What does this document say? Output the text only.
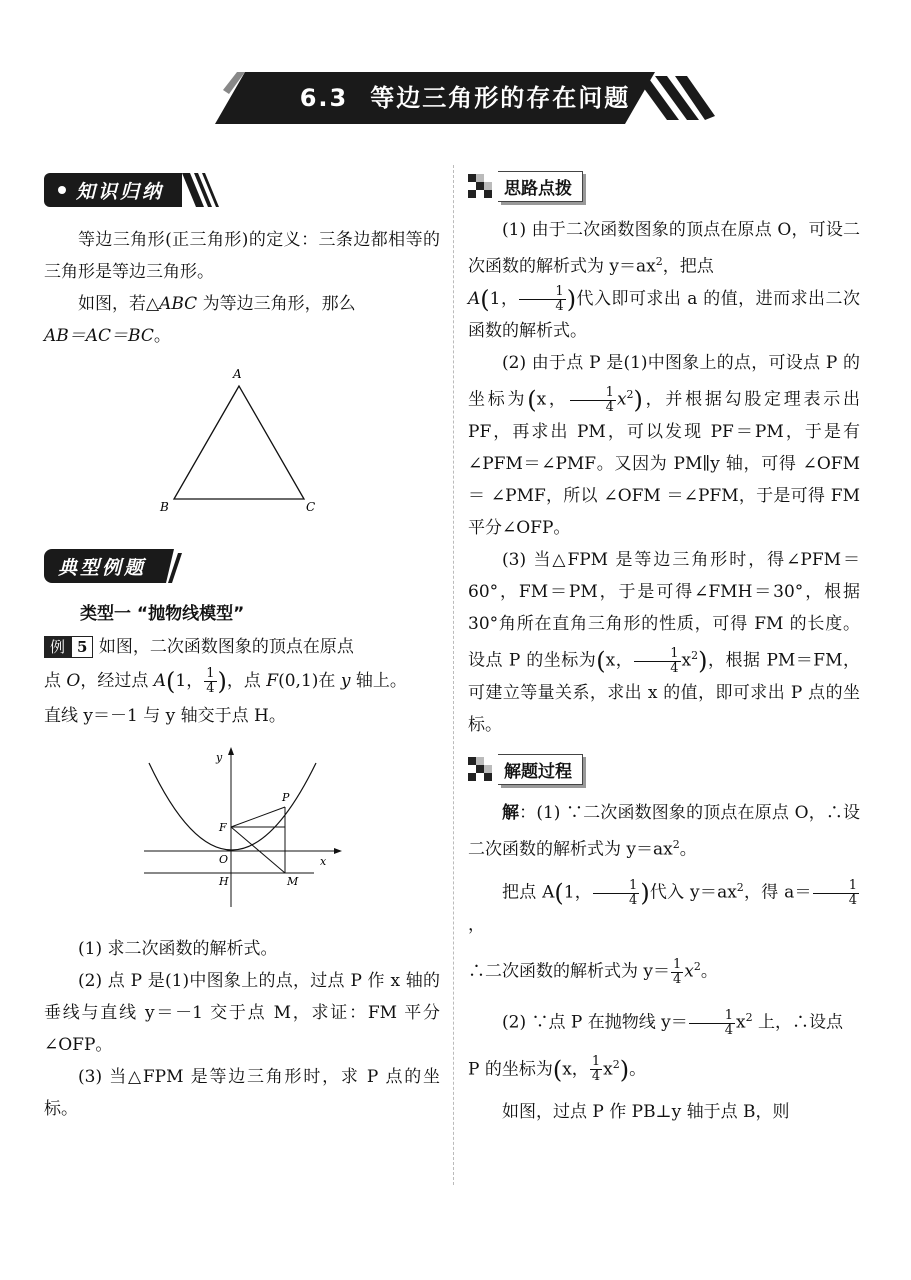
6.3 等边三角形的存在问题
知识归纳

等边三角形(正三角形)的定义：三条边都相等的三角形是等边三角形。

如图，若△ABC 为等边三角形，那么
AB＝AC＝BC。

A
B	C
典型例题

类型一 “抛物线模型”

例 5 如图，二次函数图象的顶点在原点
点 O，经过点 A(1， $\frac{1}{4}$ )，点 F(0,1)在 y 轴上。
直线 y＝－1 与 y 轴交于点 H。

y
x
P
F
O
H	M

(1) 求二次函数的解析式。

(2) 点 P 是(1)中图象上的点，过点 P 作 x 轴的垂线与直线 y＝－1 交于点 M，求证：FM 平分∠OFP。

(3) 当△FPM 是等边三角形时，求 P 点的坐标。

思路点拨

(1) 由于二次函数图象的顶点在原点 O，可设二次函数的解析式为 $y=ax^2$，把点
A(1， $\frac{1}{4}$ )代入即可求出 a 的值，进而求出二次函数的解析式。

(2) 由于点 P 是(1)中图象上的点，可设点 P 的坐标为(x， $\frac{1}{4} x^2$)，并根据勾股定理表示出 PF，再求出 PM，可以发现 PF＝PM，于是有∠PFM＝∠PMF。又因为 PM∥y 轴，可得 ∠OFM ＝ ∠PMF，所以 ∠OFM ＝∠PFM，于是可得 FM 平分∠OFP。

(3) 当△FPM 是等边三角形时，得∠PFM＝60°，FM＝PM，于是可得∠FMH＝30°，根据 30°角所在直角三角形的性质，可得 FM 的长度。设点 P 的坐标为(x， $\frac{1}{4} x^2$)，根据 PM＝FM，可建立等量关系，求出 x 的值，即可求出 P 点的坐标。

解题过程

解：(1) ∵二次函数图象的顶点在原点 O，∴设二次函数的解析式为 $y=ax^2$。

把点 A(1， $\frac{1}{4}$ )代入 $y=ax^2$，得 $a= \frac{1}{4}$
，

∴二次函数的解析式为 $y= \frac{1}{4} x^2$。

(2) ∵点 P 在抛物线 $y= \frac{1}{4} x^2$ 上，∴设点

P 的坐标为(x， $\frac{1}{4} x^2$)。

如图，过点 P 作 PB⊥y 轴于点 B，则
